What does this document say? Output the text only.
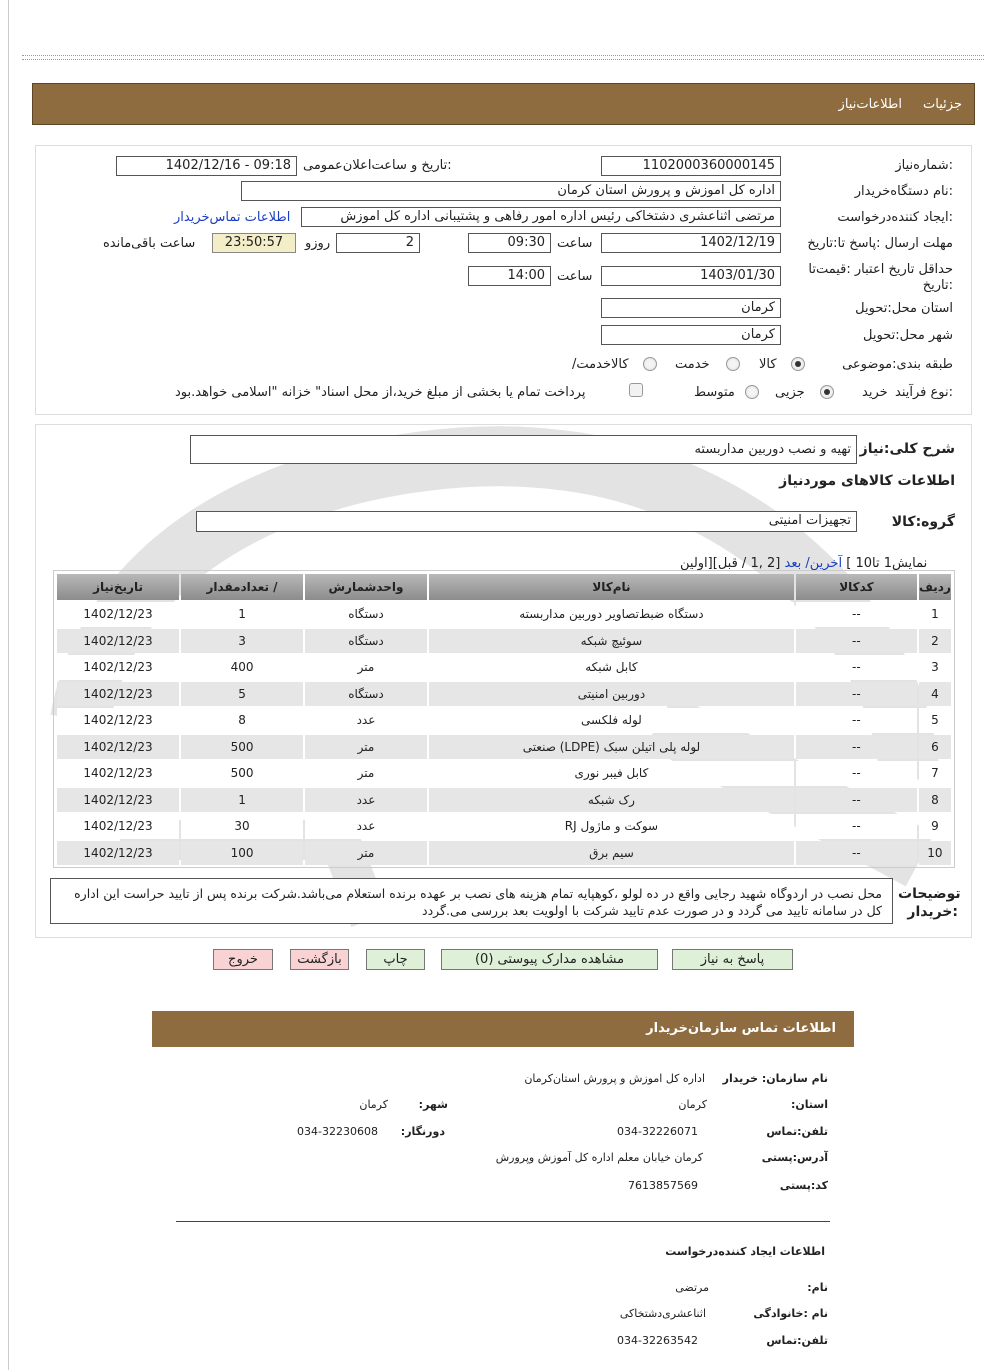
جزئیات
اطلاعات‌نیاز
شماره‌نیاز:
1102000360000145
تاریخ و ساعت‌اعلان‌عمومی:
1402/12/16 - 09:18
نام دستگاه‌خریدار:
اداره کل اموزش و پرورش استان کرمان
ایجاد کننده‌درخواست:
مرتضی اثناعشری دشتخاکی رئیس اداره امور رفاهی و پشتیبانی اداره کل اموزش
اطلاعات تماس‌خریدار
مهلت ارسال :پاسخ تا:تاریخ
1402/12/19
ساعت
09:30
2
روزو
23:50:57
ساعت باقی‌مانده
حداقل تاریخ اعتبار :قیمت‌تا تاریخ:
1403/01/30
ساعت
14:00
استان محل:تحویل
کرمان
شهر محل:تحویل
کرمان
طبقه بندی:موضوعی
کالا
خدمت
/کالاخدمت
نوع فرآیند:
خرید
جزیی
متوسط
پرداخت تمام یا بخشی از مبلغ خرید،از محل اسناد" خزانه "اسلامی خواهد.بود
شرح کلی:نیاز
تهیه و نصب دوربین مداربسته
اطلاعات کالاهای موردنیاز
گروه:کالا
تجهیزات امنیتی
نمایش1 تا10 ] آخرین/ بعد [2 ,1 / قبل][اولین
ردیف	کدکالا	نام‌کالا	واحدشمارش	/ تعدادمقدار	تاریخ‌نیاز
1	--	دستگاه ضبط‌تصاویر دوربین مداربسته	دستگاه	1	1402/12/23
2	--	سوئیچ شبکه	دستگاه	3	1402/12/23
3	--	کابل شبکه	متر	400	1402/12/23
4	--	دوربین امنیتی	دستگاه	5	1402/12/23
5	--	لوله فلکسی	عدد	8	1402/12/23
6	--	لوله پلی اتیلن سبک (LDPE) صنعتی	متر	500	1402/12/23
7	--	کابل فیبر نوری	متر	500	1402/12/23
8	--	رک شبکه	عدد	1	1402/12/23
9	--	سوکت و ماژول RJ	عدد	30	1402/12/23
10	--	سیم برق	متر	100	1402/12/23
توضیحات :خریدار
محل نصب در اردوگاه شهید رجایی واقع در ده لولو ،کوهپایه تمام هزینه های نصب بر عهده برنده استعلام می‌باشد.شرکت برنده پس از تایید حراست این اداره کل در سامانه تایید می گردد و در صورت عدم تایید شرکت با اولویت بعد بررسی می.گردد
پاسخ به نیاز
مشاهده مدارک پیوستی (0)
چاپ
بازگشت
خروج
اطلاعات تماس سازمان‌خریدار
نام سازمان: خریدار
اداره کل اموزش و پرورش استان‌کرمان
:استان
کرمان
:شهر
کرمان
تلفن:تماس
034-32226071
:دورنگار
034-32230608
آدرس:پستی
کرمان خیابان معلم اداره کل آموزش وپرورش
کد:پستی
7613857569
اطلاعات ایجاد کننده‌درخواست
:نام
مرتضی
نام :خانوادگی
اثناعشری‌دشتخاکی
تلفن:تماس
034-32263542
